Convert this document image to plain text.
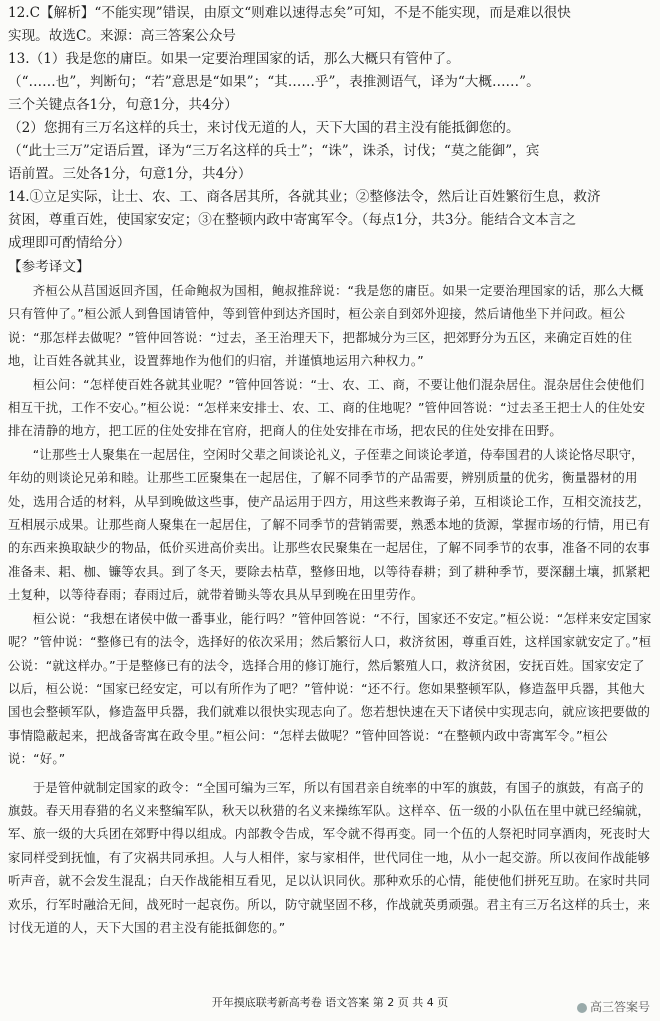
12.C【解析】“不能实现”错误，由原文“则难以速得志矣”可知，不是不能实现，而是难以很快

实现。故选C。来源：高三答案公众号

13.（1）我是您的庸臣。如果一定要治理国家的话，那么大概只有管仲了。

（“……也”，判断句；“若”意思是“如果”；“其……乎”，表推测语气，译为“大概……”。

三个关键点各1分，句意1分，共4分）

（2）您拥有三万名这样的兵士，来讨伐无道的人，天下大国的君主没有能抵御您的。

（“此士三万”定语后置，译为“三万名这样的兵士”；“诛”，诛杀，讨伐；“莫之能御”，宾

语前置。三处各1分，句意1分，共4分）

14.①立足实际，让士、农、工、商各居其所，各就其业；②整修法令，然后让百姓繁衍生息，救济

贫困，尊重百姓，使国家安定；③在整顿内政中寄寓军令。（每点1分，共3分。能结合文本言之

成理即可酌情给分）

【参考译文】

齐桓公从莒国返回齐国，任命鲍叔为国相，鲍叔推辞说：“我是您的庸臣。如果一定要治理国家的话，那么大概只有管仲了。”桓公派人到鲁国请管仲，等到管仲到达齐国时，桓公亲自到郊外迎接，然后请他坐下并问政。桓公说：“那怎样去做呢？”管仲回答说：“过去，圣王治理天下，把都城分为三区，把郊野分为五区，来确定百姓的住地，让百姓各就其业，设置葬地作为他们的归宿，并谨慎地运用六种权力。”

桓公问：“怎样使百姓各就其业呢？”管仲回答说：“士、农、工、商，不要让他们混杂居住。混杂居住会使他们相互干扰，工作不安心。”桓公说：“怎样来安排士、农、工、商的住地呢？”管仲回答说：“过去圣王把士人的住处安排在清静的地方，把工匠的住处安排在官府，把商人的住处安排在市场，把农民的住处安排在田野。

“让那些士人聚集在一起居住，空闲时父辈之间谈论礼义，子侄辈之间谈论孝道，侍奉国君的人谈论恪尽职守，年幼的则谈论兄弟和睦。让那些工匠聚集在一起居住，了解不同季节的产品需要，辨别质量的优劣，衡量器材的用处，选用合适的材料，从早到晚做这些事，使产品运用于四方，用这些来教诲子弟，互相谈论工作，互相交流技艺，互相展示成果。让那些商人聚集在一起居住，了解不同季节的营销需要，熟悉本地的货源，掌握市场的行情，用已有的东西来换取缺少的物品，低价买进高价卖出。让那些农民聚集在一起居住，了解不同季节的农事，准备不同的农事准备耒、耜、枷、镰等农具。到了冬天，要除去枯草，整修田地，以等待春耕；到了耕种季节，要深翻土壤，抓紧耙土复种，以等待春雨；春雨过后，就带着锄头等农具从早到晚在田里劳作。

桓公说：“我想在诸侯中做一番事业，能行吗？”管仲回答说：“不行，国家还不安定。”桓公说：“怎样来安定国家呢？”管仲说：“整修已有的法令，选择好的依次采用；然后繁衍人口，救济贫困，尊重百姓，这样国家就安定了。”桓公说：“就这样办。”于是整修已有的法令，选择合用的修订施行，然后繁殖人口，救济贫困，安抚百姓。国家安定了以后，桓公说：“国家已经安定，可以有所作为了吧？”管仲说：“还不行。您如果整顿军队，修造盔甲兵器，其他大国也会整顿军队，修造盔甲兵器，我们就难以很快实现志向了。您若想快速在天下诸侯中实现志向，就应该把要做的事情隐蔽起来，把战备寄寓在政令里。”桓公问：“怎样去做呢？”管仲回答说：“在整顿内政中寄寓军令。”桓公说：“好。”

于是管仲就制定国家的政令：“全国可编为三军，所以有国君亲自统率的中军的旗鼓，有国子的旗鼓，有高子的旗鼓。春天用春猎的名义来整编军队，秋天以秋猎的名义来操练军队。这样卒、伍一级的小队伍在里中就已经编就，军、旅一级的大兵团在郊野中得以组成。内部教令告成，军令就不得再变。同一个伍的人祭祀时同享酒肉，死丧时大家同样受到抚恤，有了灾祸共同承担。人与人相伴，家与家相伴，世代同住一地，从小一起交游。所以夜间作战能够听声音，就不会发生混乱；白天作战能相互看见，足以认识同伙。那种欢乐的心情，能使他们拼死互助。在家时共同欢乐，行军时融洽无间，战死时一起哀伤。所以，防守就坚固不移，作战就英勇顽强。君主有三万名这样的兵士，来讨伐无道的人，天下大国的君主没有能抵御您的。”

开年摸底联考新高考卷 语文答案 第 2 页 共 4 页	高三答案号
